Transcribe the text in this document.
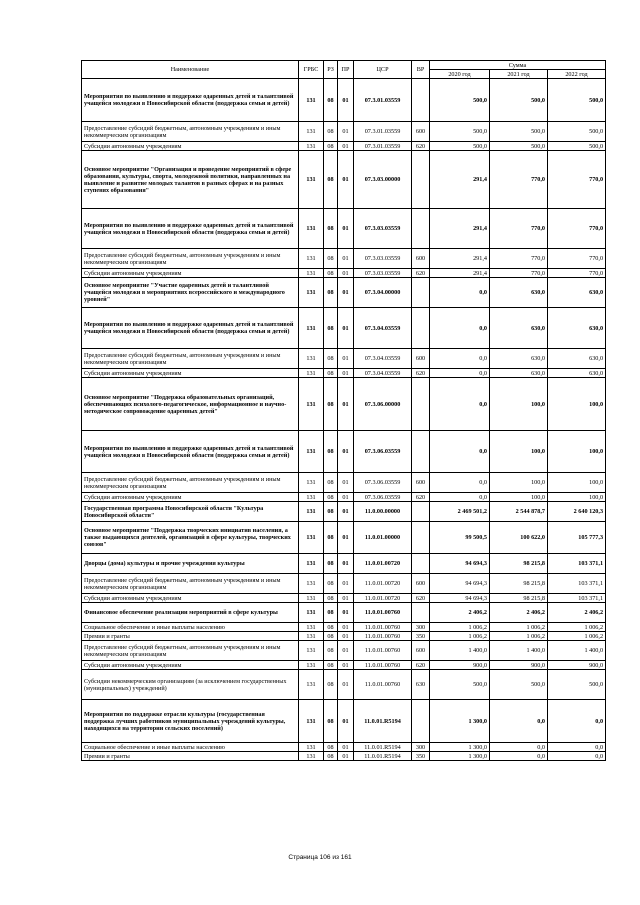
Наименование	ГРБС	РЗ	ПР	ЦСР	ВР	Сумма		
						2020 год	2021 год	2022 год
Мероприятия по выявлению и поддержке одаренных детей и талантливой учащейся молодежи в Новосибирской области (поддержка семьи и детей)	131	08	01	07.3.01.03559		500,0	500,0	500,0
Предоставление субсидий бюджетным, автономным учреждениям и иным некоммерческим организациям	131	08	01	07.3.01.03559	600	500,0	500,0	500,0
Субсидии автономным учреждениям	131	08	01	07.3.01.03559	620	500,0	500,0	500,0
Основное мероприятие "Организация и проведение мероприятий в сфере образования, культуры, спорта, молодежной политики, направленных на выявление и развитие молодых талантов в разных сферах и на разных ступенях образования"	131	08	01	07.3.03.00000		291,4	770,0	770,0
Мероприятия по выявлению и поддержке одаренных детей и талантливой учащейся молодежи в Новосибирской области (поддержка семьи и детей)	131	08	01	07.3.03.03559		291,4	770,0	770,0
Предоставление субсидий бюджетным, автономным учреждениям и иным некоммерческим организациям	131	08	01	07.3.03.03559	600	291,4	770,0	770,0
Субсидии автономным учреждениям	131	08	01	07.3.03.03559	620	291,4	770,0	770,0
Основное мероприятие "Участие одаренных детей и талантливой учащейся молодежи в мероприятиях всероссийского и международного уровней"	131	08	01	07.3.04.00000		0,0	630,0	630,0
Мероприятия по выявлению и поддержке одаренных детей и талантливой учащейся молодежи в Новосибирской области (поддержка семьи и детей)	131	08	01	07.3.04.03559		0,0	630,0	630,0
Предоставление субсидий бюджетным, автономным учреждениям и иным некоммерческим организациям	131	08	01	07.3.04.03559	600	0,0	630,0	630,0
Субсидии автономным учреждениям	131	08	01	07.3.04.03559	620	0,0	630,0	630,0
Основное мероприятие "Поддержка образовательных организаций, обеспечивающих психолого-педагогическое, информационное и научно-методическое сопровождение одаренных детей"	131	08	01	07.3.06.00000		0,0	100,0	100,0
Мероприятия по выявлению и поддержке одаренных детей и талантливой учащейся молодежи в Новосибирской области (поддержка семьи и детей)	131	08	01	07.3.06.03559		0,0	100,0	100,0
Предоставление субсидий бюджетным, автономным учреждениям и иным некоммерческим организациям	131	08	01	07.3.06.03559	600	0,0	100,0	100,0
Субсидии автономным учреждениям	131	08	01	07.3.06.03559	620	0,0	100,0	100,0
Государственная программа Новосибирской области "Культура Новосибирской области"	131	08	01	11.0.00.00000		2 469 501,2	2 544 878,7	2 640 120,3
Основное мероприятие "Поддержка творческих инициатив населения, а также выдающихся деятелей, организаций в сфере культуры, творческих союзов"	131	08	01	11.0.01.00000		99 500,5	100 622,0	105 777,3
Дворцы (дома) культуры и прочие учреждения культуры	131	08	01	11.0.01.00720		94 694,3	98 215,8	103 371,1
Предоставление субсидий бюджетным, автономным учреждениям и иным некоммерческим организациям	131	08	01	11.0.01.00720	600	94 694,3	98 215,8	103 371,1
Субсидии автономным учреждениям	131	08	01	11.0.01.00720	620	94 694,3	98 215,8	103 371,1
Финансовое обеспечение реализации мероприятий в сфере культуры	131	08	01	11.0.01.00760		2 406,2	2 406,2	2 406,2
Социальное обеспечение и иные выплаты населению	131	08	01	11.0.01.00760	300	1 006,2	1 006,2	1 006,2
Премии и гранты	131	08	01	11.0.01.00760	350	1 006,2	1 006,2	1 006,2
Предоставление субсидий бюджетным, автономным учреждениям и иным некоммерческим организациям	131	08	01	11.0.01.00760	600	1 400,0	1 400,0	1 400,0
Субсидии автономным учреждениям	131	08	01	11.0.01.00760	620	900,0	900,0	900,0
Субсидии некоммерческим организациям (за исключением государственных (муниципальных) учреждений)	131	08	01	11.0.01.00760	630	500,0	500,0	500,0
Мероприятия по поддержке отрасли культуры (государственная поддержка лучших работников муниципальных учреждений культуры, находящихся на территории сельских поселений)	131	08	01	11.0.01.R5194		1 300,0	0,0	0,0
Социальное обеспечение и иные выплаты населению	131	08	01	11.0.01.R5194	300	1 300,0	0,0	0,0
Премии и гранты	131	08	01	11.0.01.R5194	350	1 300,0	0,0	0,0
Страница 106 из 161
